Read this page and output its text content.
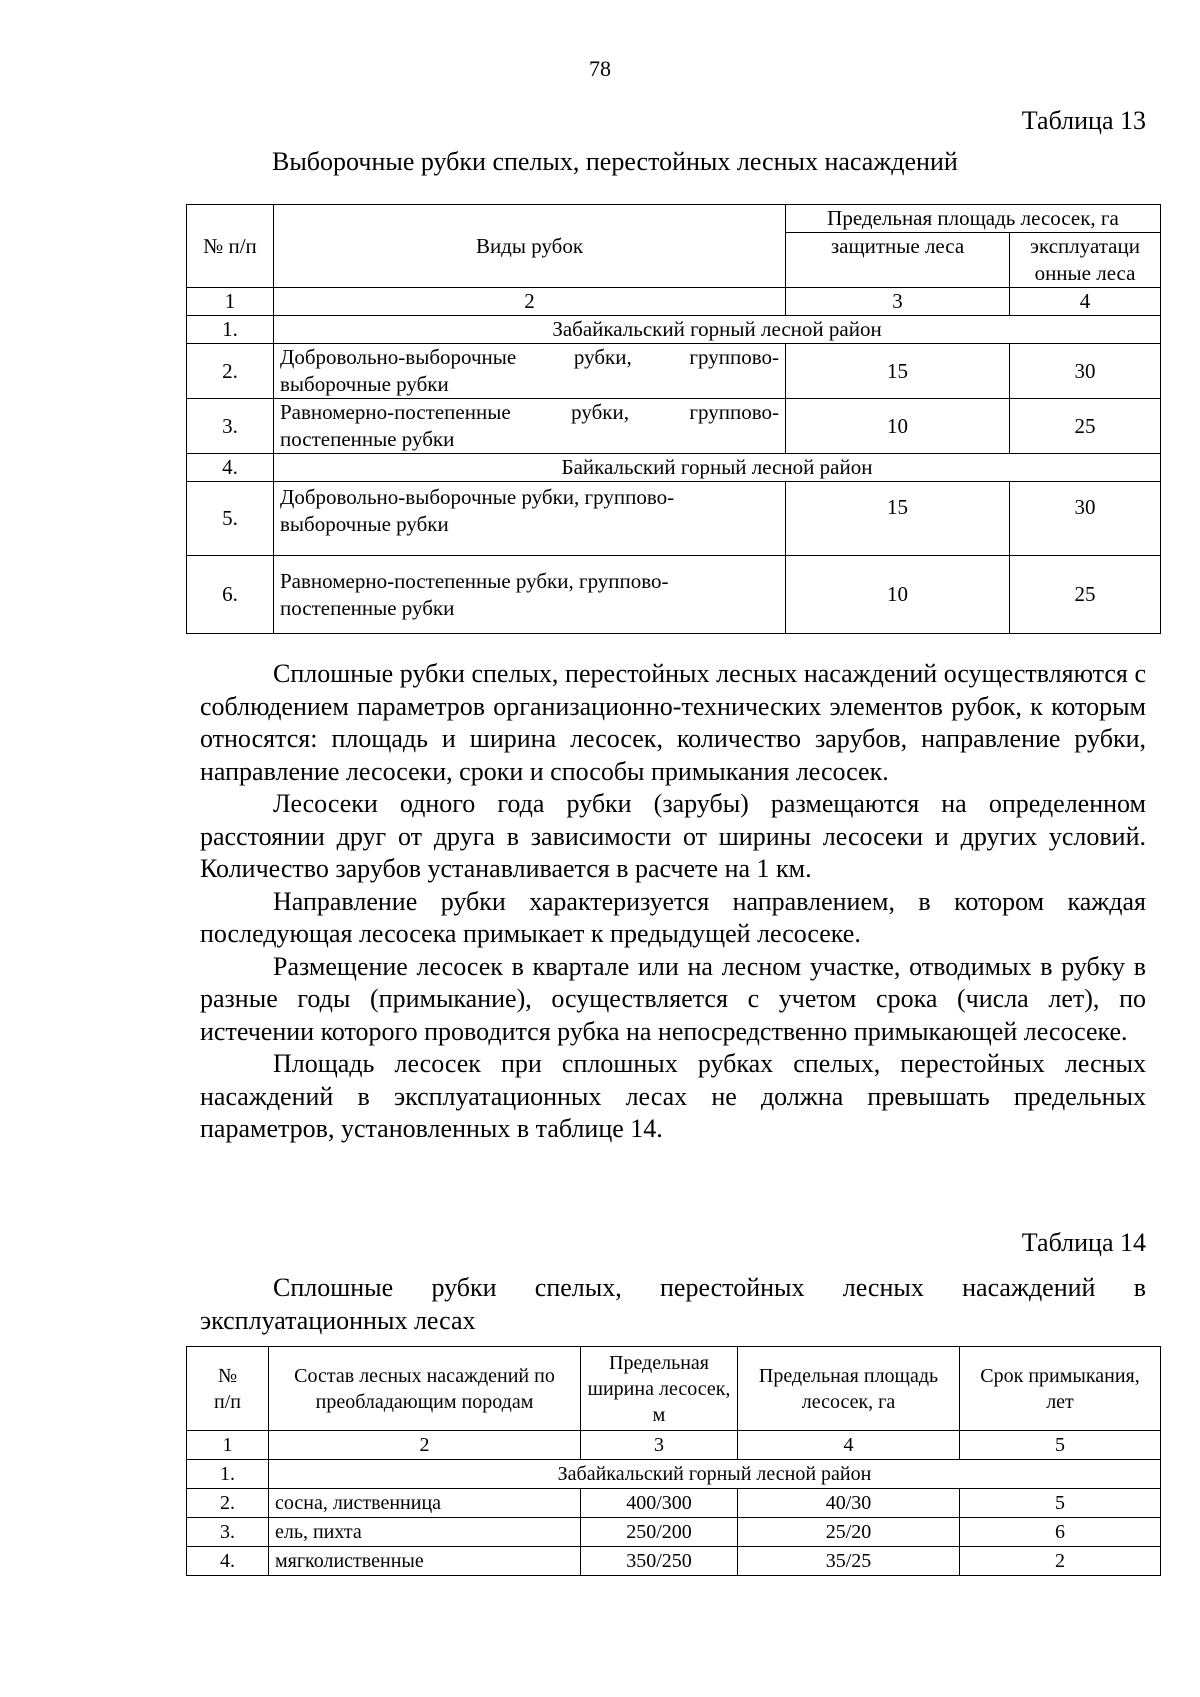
78
Таблица 13
Выборочные рубки спелых, перестойных лесных насаждений
№ п/п	Виды рубок	Предельная площадь лесосек, га	
		защитные леса	эксплуатаци
онные леса
1	2	3	4
1.	Забайкальский горный лесной район		
2.	Добровольно-выборочные рубки, группово-выборочные рубки	15	30
3.	Равномерно-постепенные рубки, группово-постепенные рубки	10	25
4.	Байкальский горный лесной район		
5.	Добровольно-выборочные рубки, группово-выборочные рубки	15	30
6.	Равномерно-постепенные рубки, группово-постепенные рубки	10	25

Сплошные рубки спелых, перестойных лесных насаждений осуществляются с соблюдением параметров организационно-технических элементов рубок, к которым относятся: площадь и ширина лесосек, количество зарубов, направление рубки, направление лесосеки, сроки и способы примыкания лесосек.

Лесосеки одного года рубки (зарубы) размещаются на определенном расстоянии друг от друга в зависимости от ширины лесосеки и других условий. Количество зарубов устанавливается в расчете на 1 км.

Направление рубки характеризуется направлением, в котором каждая последующая лесосека примыкает к предыдущей лесосеке.

Размещение лесосек в квартале или на лесном участке, отводимых в рубку в разные годы (примыкание), осуществляется с учетом срока (числа лет), по истечении которого проводится рубка на непосредственно примыкающей лесосеке.

Площадь лесосек при сплошных рубках спелых, перестойных лесных насаждений в эксплуатационных лесах не должна превышать предельных параметров, установленных в таблице 14.

Таблица 14

Сплошные рубки спелых, перестойных лесных насаждений в эксплуатационных лесах

№
п/п	Состав лесных насаждений по преобладающим породам	Предельная ширина лесосек, м	Предельная площадь лесосек, га	Срок примыкания, лет
1	2	3	4	5
1.	Забайкальский горный лесной район			
2.	сосна, лиственница	400/300	40/30	5
3.	ель, пихта	250/200	25/20	6
4.	мягколиственные	350/250	35/25	2
